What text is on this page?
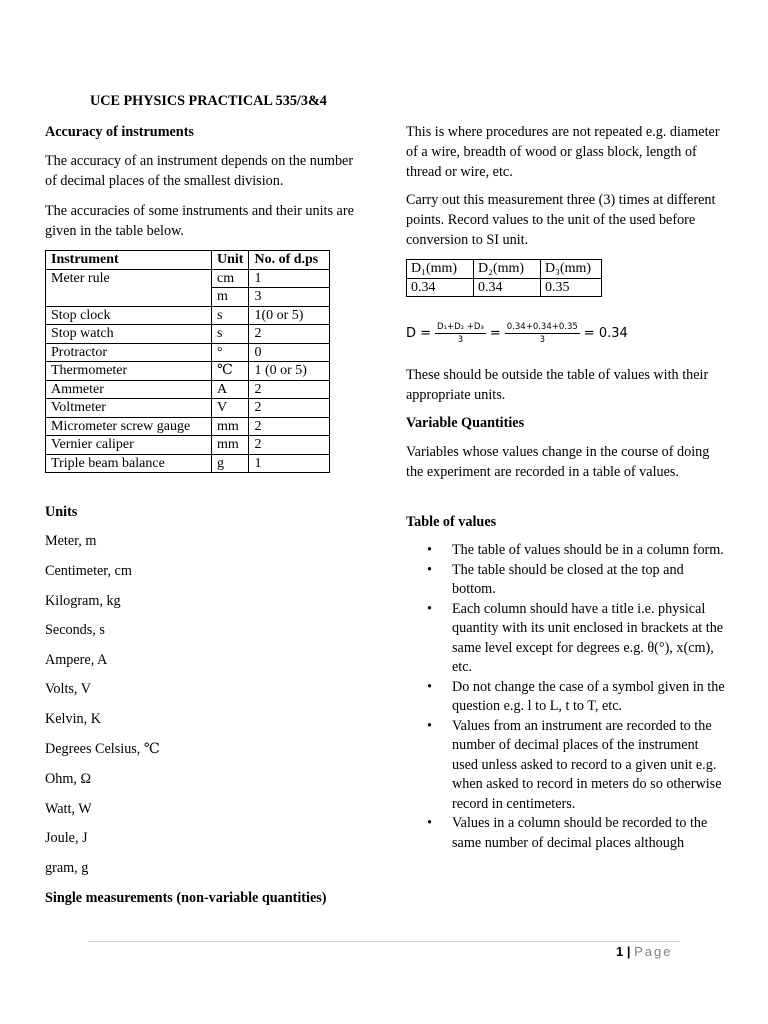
UCE PHYSICS PRACTICAL 535/3&4

Accuracy of instruments

The accuracy of an instrument depends on the number of decimal places of the smallest division.

The accuracies of some instruments and their units are given in the table below.

Instrument	Unit	No. of d.ps
Meter rule	cm	1
	m	3
Stop clock	s	1(0 or 5)
Stop watch	s	2
Protractor	°	0
Thermometer	℃	1 (0 or 5)
Ammeter	A	2
Voltmeter	V	2
Micrometer screw gauge	mm	2
Vernier caliper	mm	2
Triple beam balance	g	1

Units

Meter, m

Centimeter, cm

Kilogram, kg

Seconds, s

Ampere, A

Volts, V

Kelvin, K

Degrees Celsius, ℃

Ohm, Ω

Watt, W

Joule, J

gram, g

Single measurements (non-variable quantities)

This is where procedures are not repeated e.g. diameter of a wire, breadth of wood or glass block, length of thread or wire, etc.

Carry out this measurement three (3) times at different points. Record values to the unit of the used before conversion to SI unit.

D₁(mm)	D₂(mm)	D₃(mm)
0.34	0.34	0.35
$D = \frac{\text{D₁+D₂ +D₃}}{3} = \frac{0.34+0.34+0.35}{3} = 0.34$

These should be outside the table of values with their appropriate units.

Variable Quantities

Variables whose values change in the course of doing the experiment are recorded in a table of values.

Table of values

• The table of values should be in a column form.
• The table should be closed at the top and bottom.
• Each column should have a title i.e. physical quantity with its unit enclosed in brackets at the same level except for degrees e.g. θ(°), x(cm), etc.
• Do not change the case of a symbol given in the question e.g. l to L, t to T, etc.
• Values from an instrument are recorded to the number of decimal places of the instrument used unless asked to record to a given unit e.g. when asked to record in meters do so otherwise record in centimeters.
• Values in a column should be recorded to the same number of decimal places although
1 | Page
